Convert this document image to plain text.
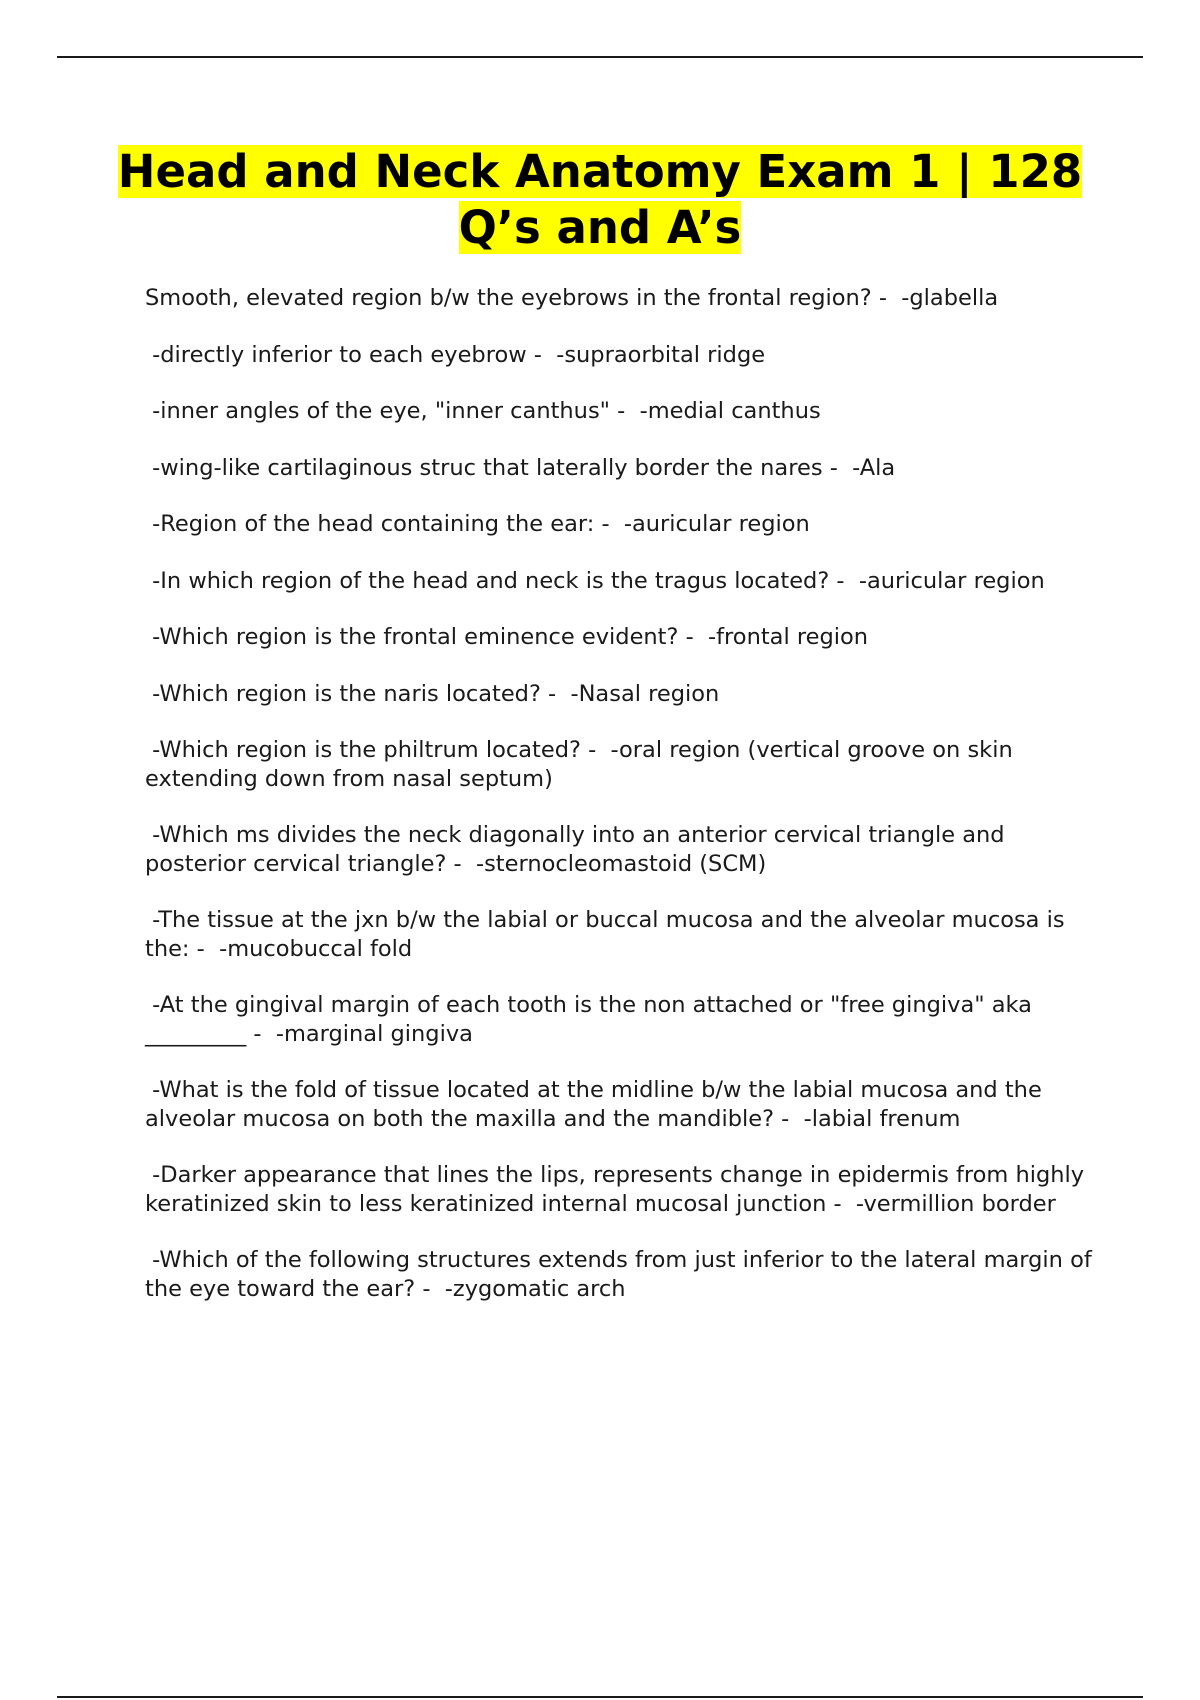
Head and Neck Anatomy Exam 1 | 128 Q’s and A’s
Smooth, elevated region b/w the eyebrows in the frontal region? -  -glabella
-directly inferior to each eyebrow -  -supraorbital ridge
-inner angles of the eye, "inner canthus" -  -medial canthus
-wing-like cartilaginous struc that laterally border the nares -  -Ala
-Region of the head containing the ear: -  -auricular region
-In which region of the head and neck is the tragus located? -  -auricular region
-Which region is the frontal eminence evident? -  -frontal region
-Which region is the naris located? -  -Nasal region
-Which region is the philtrum located? -  -oral region (vertical groove on skin extending down from nasal septum)
-Which ms divides the neck diagonally into an anterior cervical triangle and posterior cervical triangle? -  -sternocleomastoid (SCM)
-The tissue at the jxn b/w the labial or buccal mucosa and the alveolar mucosa is the: -  -mucobuccal fold
-At the gingival margin of each tooth is the non attached or "free gingiva" aka _________ -  -marginal gingiva
-What is the fold of tissue located at the midline b/w the labial mucosa and the alveolar mucosa on both the maxilla and the mandible? -  -labial frenum
-Darker appearance that lines the lips, represents change in epidermis from highly keratinized skin to less keratinized internal mucosal junction -  -vermillion border
-Which of the following structures extends from just inferior to the lateral margin of the eye toward the ear? -  -zygomatic arch
